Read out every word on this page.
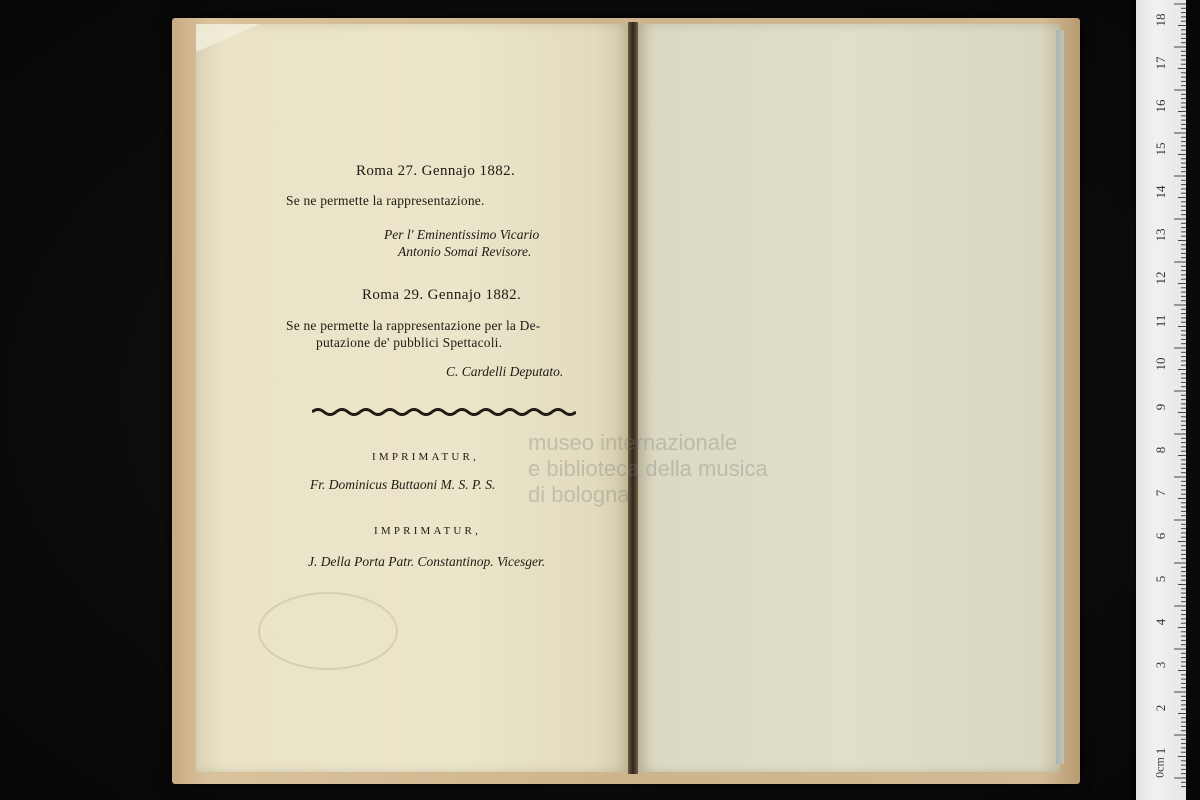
Roma 27. Gennajo 1882.
Se ne permette la rappresentazione.
Per l' Eminentissimo Vicario
Antonio Somai Revisore.
Roma 29. Gennajo 1882.
Se ne permette la rappresentazione per la De-
putazione de' pubblici Spettacoli.
C. Cardelli Deputato.
IMPRIMATUR,
Fr. Dominicus Buttaoni M. S. P. S.
IMPRIMATUR,
J. Della Porta Patr. Constantinop. Vicesger.
museo internazionale
e biblioteca della musica
di bologna
18
17
16
15
14
13
12
11
10
9
8
7
6
5
4
3
2
1
0cm
